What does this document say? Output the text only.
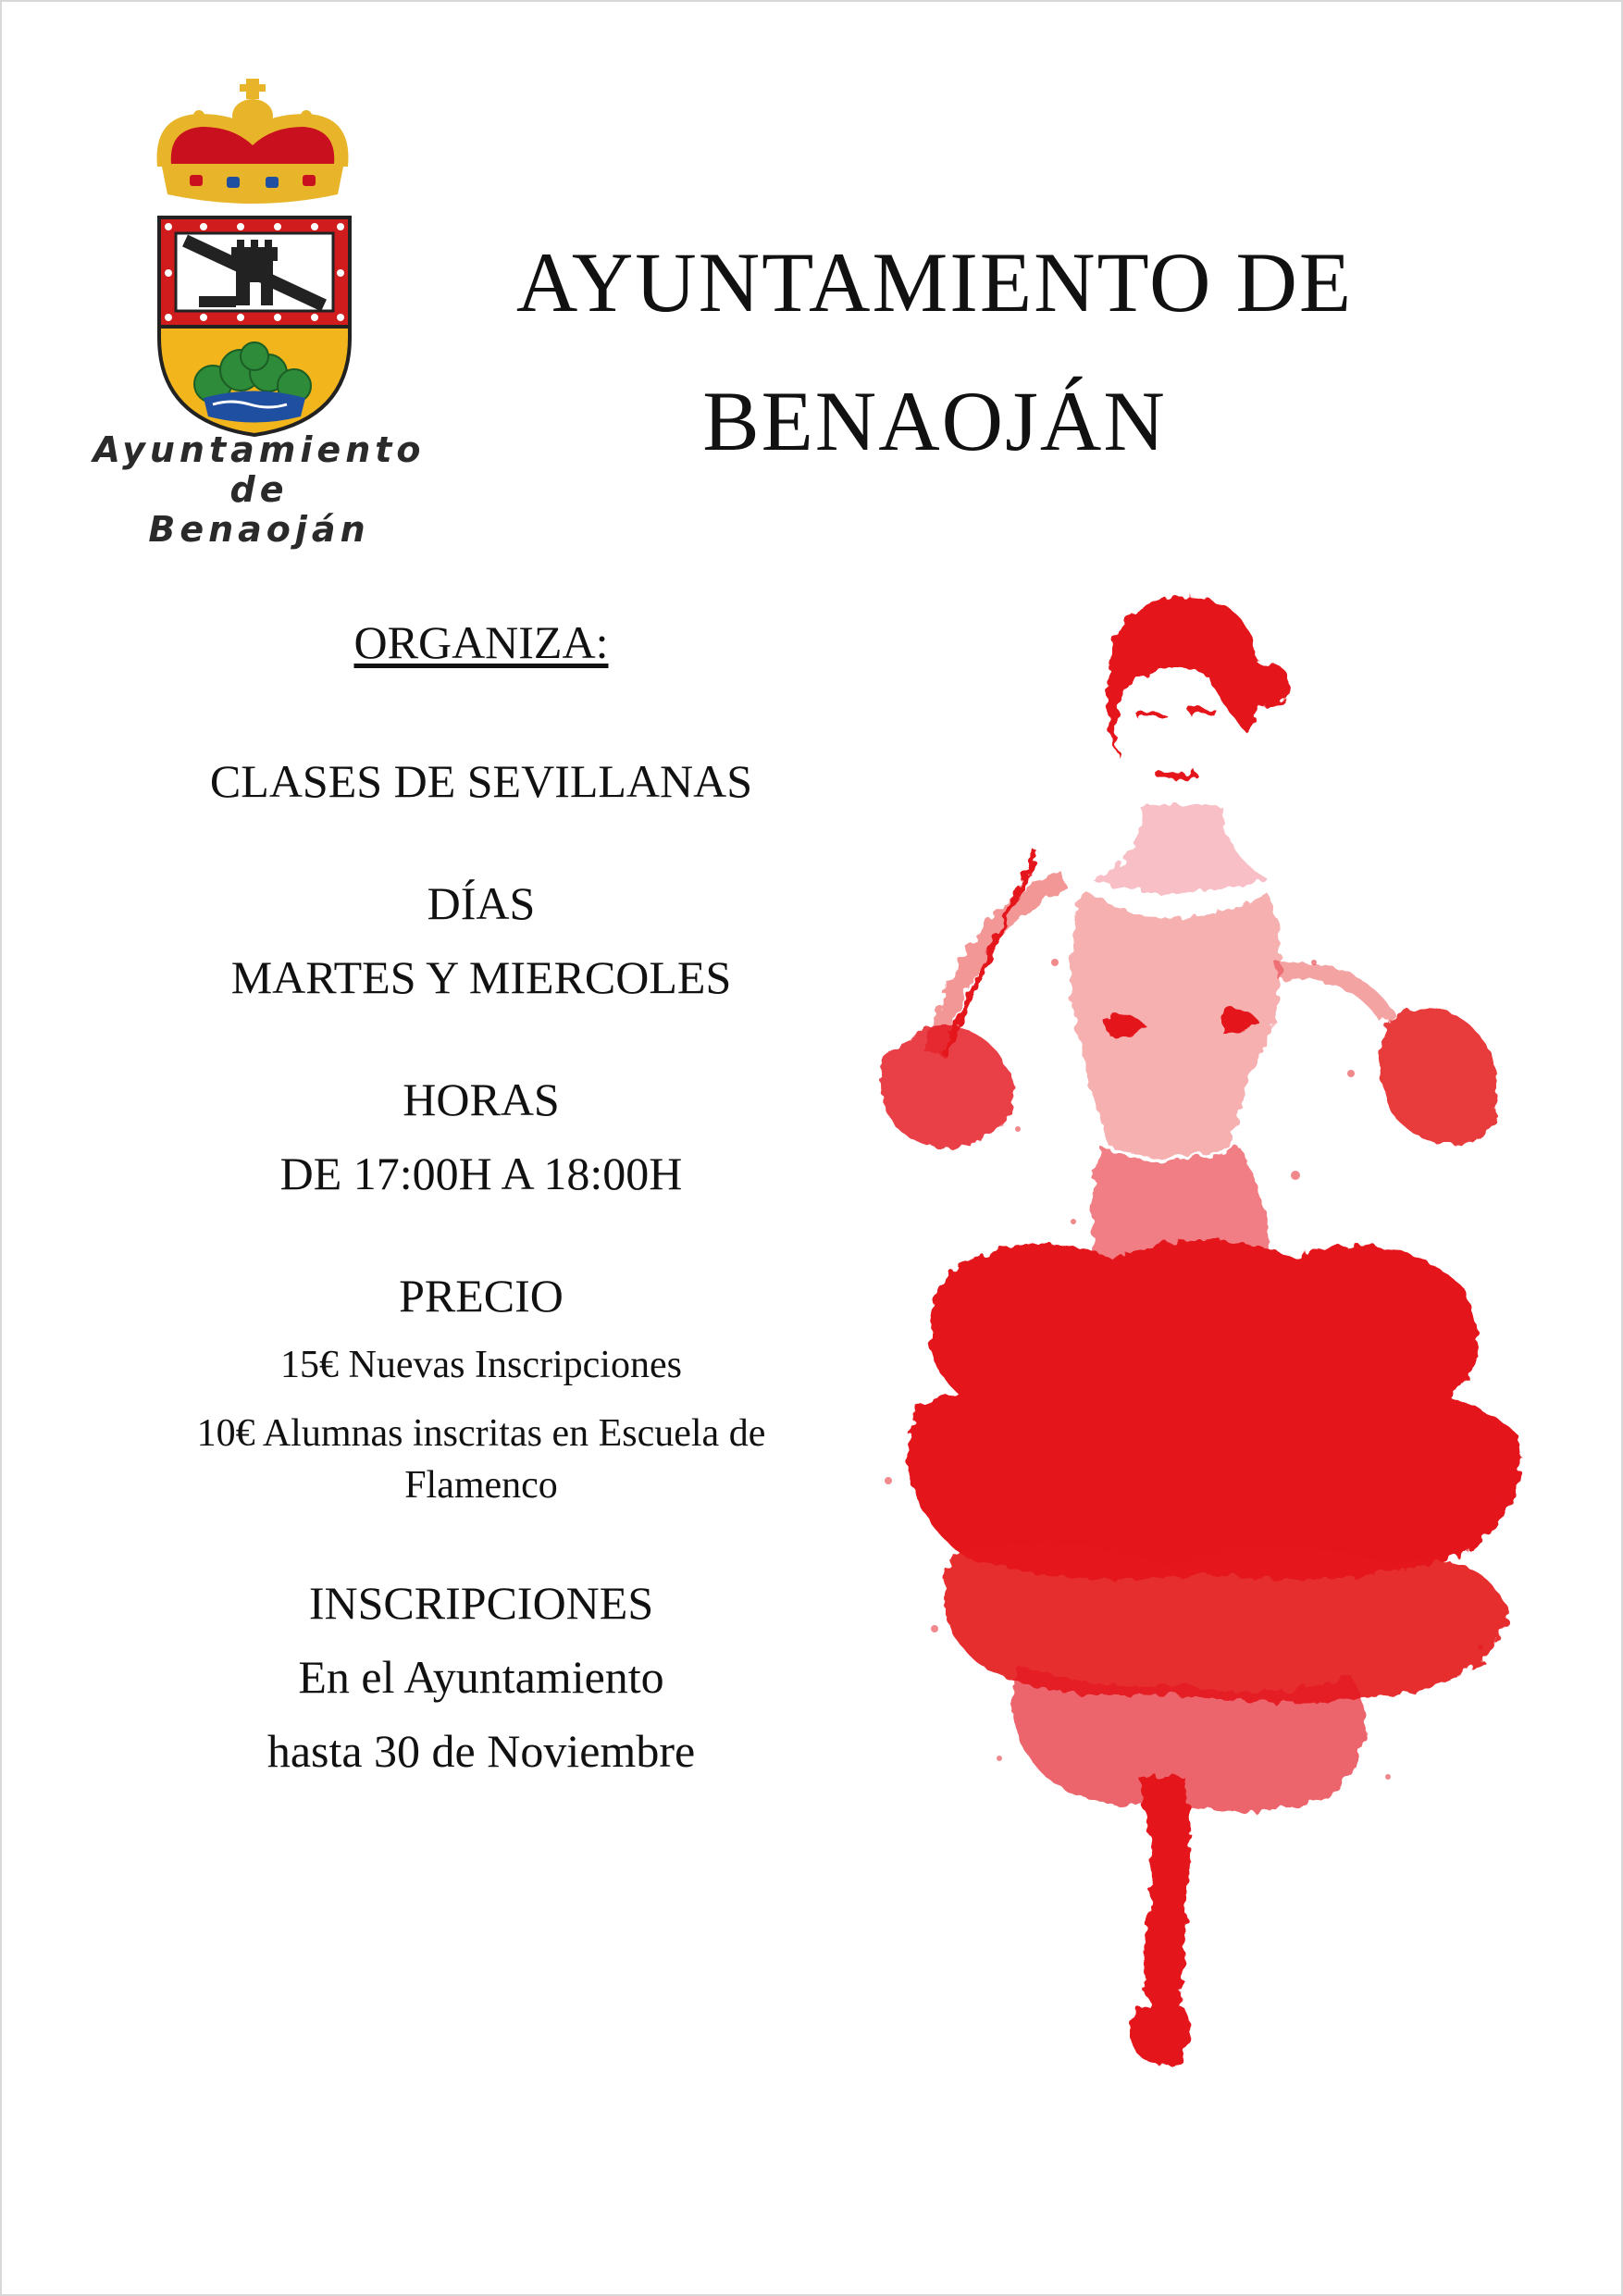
Ayuntamiento
de
Benaoján
AYUNTAMIENTO DE
BENAOJÁN
ORGANIZA:
CLASES DE SEVILLANAS
DÍAS
MARTES Y MIERCOLES
HORAS
DE 17:00H A 18:00H
PRECIO
15€ Nuevas Inscripciones
10€ Alumnas inscritas en Escuela de
Flamenco
INSCRIPCIONES
En el Ayuntamiento
hasta 30 de Noviembre
